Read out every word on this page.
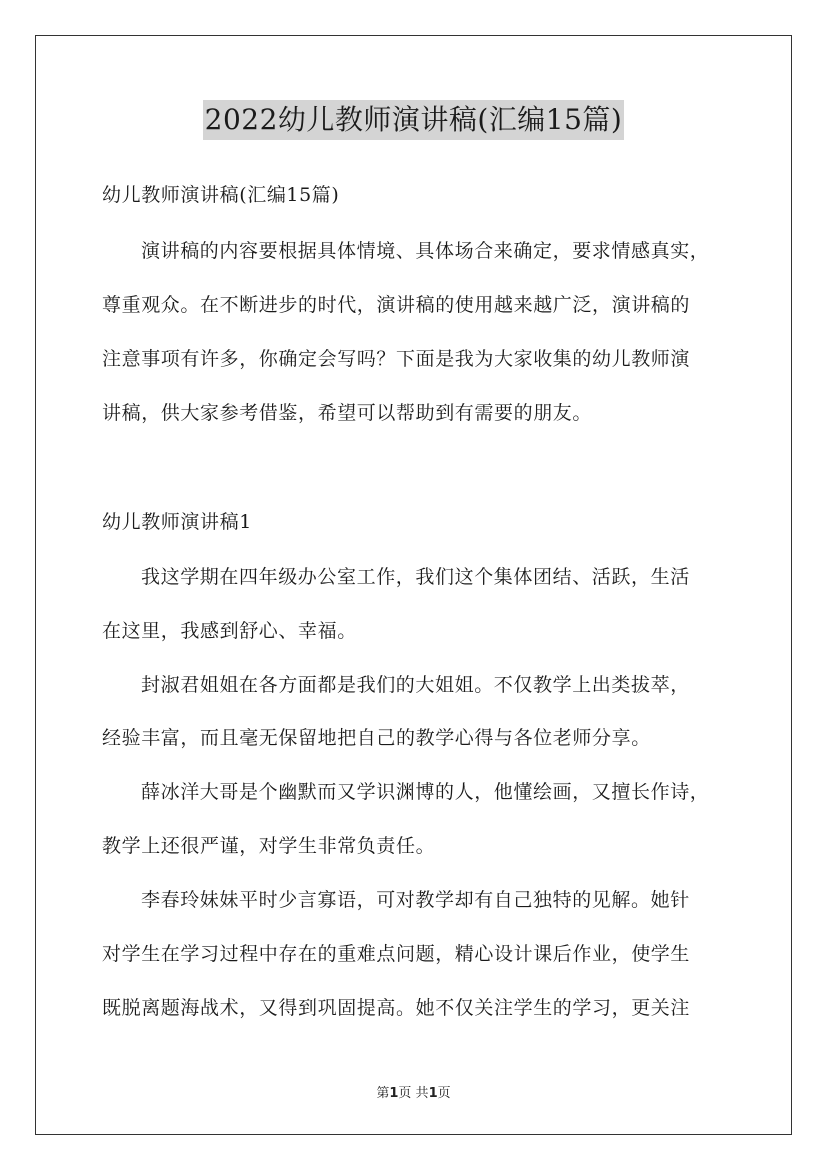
2022幼儿教师演讲稿(汇编15篇)
幼儿教师演讲稿(汇编15篇)
演讲稿的内容要根据具体情境、具体场合来确定，要求情感真实，
尊重观众。在不断进步的时代，演讲稿的使用越来越广泛，演讲稿的
注意事项有许多，你确定会写吗？下面是我为大家收集的幼儿教师演
讲稿，供大家参考借鉴，希望可以帮助到有需要的朋友。
幼儿教师演讲稿1
我这学期在四年级办公室工作，我们这个集体团结、活跃，生活
在这里，我感到舒心、幸福。
封淑君姐姐在各方面都是我们的大姐姐。不仅教学上出类拔萃，
经验丰富，而且毫无保留地把自己的教学心得与各位老师分享。
薛冰洋大哥是个幽默而又学识渊博的人，他懂绘画，又擅长作诗，
教学上还很严谨，对学生非常负责任。
李春玲妹妹平时少言寡语，可对教学却有自己独特的见解。她针
对学生在学习过程中存在的重难点问题，精心设计课后作业，使学生
既脱离题海战术，又得到巩固提高。她不仅关注学生的学习，更关注
第1页 共1页
